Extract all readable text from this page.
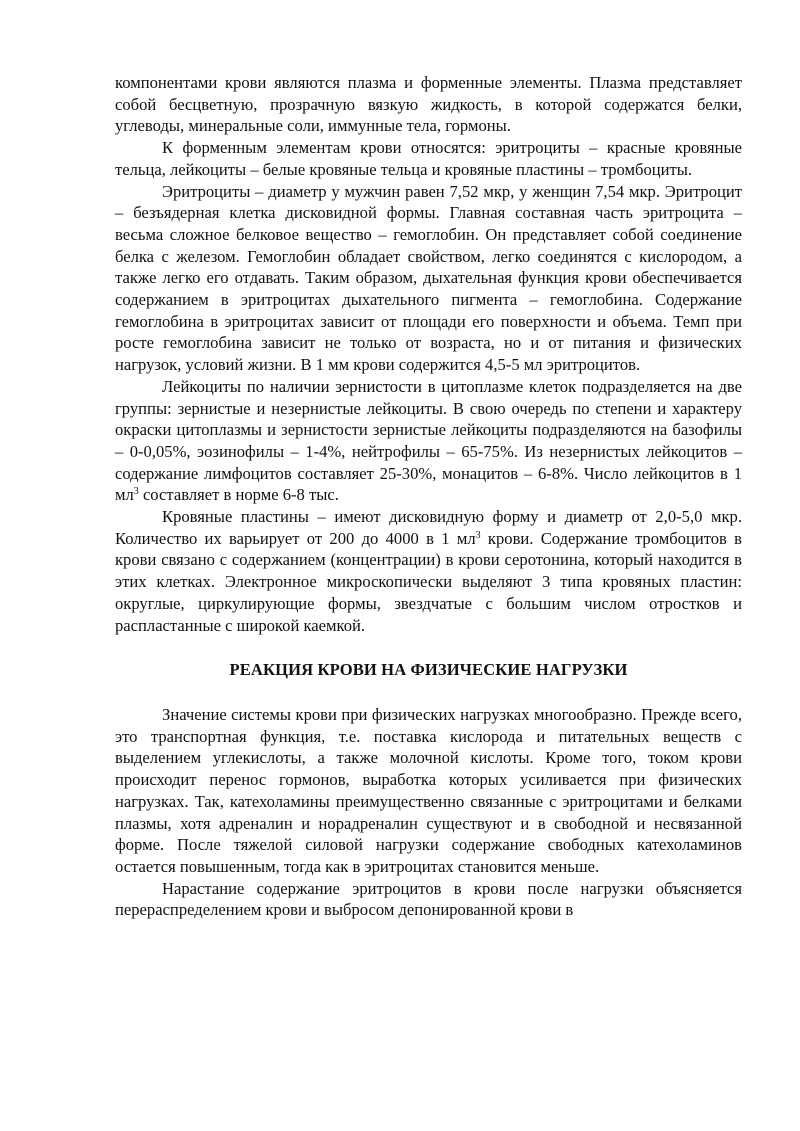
компонентами крови являются плазма и форменные элементы. Плазма представляет собой бесцветную, прозрачную вязкую жидкость, в которой содержатся белки, углеводы, минеральные соли, иммунные тела, гормоны.

К форменным элементам крови относятся: эритроциты – красные кровяные тельца, лейкоциты – белые кровяные тельца и кровяные пластины – тромбоциты.

Эритроциты – диаметр у мужчин равен 7,52 мкр, у женщин 7,54 мкр. Эритроцит – безъядерная клетка дисковидной формы. Главная составная часть эритроцита – весьма сложное белковое вещество – гемоглобин. Он представляет собой соединение белка с железом. Гемоглобин обладает свойством, легко соединятся с кислородом, а также легко его отдавать. Таким образом, дыхательная функция крови обеспечивается содержанием в эритроцитах дыхательного пигмента – гемоглобина. Содержание гемоглобина в эритроцитах зависит от площади его поверхности и объема. Темп при росте гемоглобина зависит не только от возраста, но и от питания и физических нагрузок, условий жизни. В 1 мм крови содержится 4,5-5 мл эритроцитов.

Лейкоциты по наличии зернистости в цитоплазме клеток подразделяется на две группы: зернистые и незернистые лейкоциты. В свою очередь по степени и характеру окраски цитоплазмы и зернистости зернистые лейкоциты подразделяются на базофилы – 0-0,05%, эозинофилы – 1-4%, нейтрофилы – 65-75%. Из незернистых лейкоцитов – содержание лимфоцитов составляет 25-30%, монацитов – 6-8%. Число лейкоцитов в 1 $мл^3$ составляет в норме 6-8 тыс.

Кровяные пластины – имеют дисковидную форму и диаметр от 2,0-5,0 мкр. Количество их варьирует от 200 до 4000 в 1 $мл^3$ крови. Содержание тромбоцитов в крови связано с содержанием (концентрации) в крови серотонина, который находится в этих клетках. Электронное микроскопически выделяют 3 типа кровяных пластин: округлые, циркулирующие формы, звездчатые с большим числом отростков и распластанные с широкой каемкой.

РЕАКЦИЯ КРОВИ НА ФИЗИЧЕСКИЕ НАГРУЗКИ

Значение системы крови при физических нагрузках многообразно. Прежде всего, это транспортная функция, т.е. поставка кислорода и питательных веществ с выделением углекислоты, а также молочной кислоты. Кроме того, током крови происходит перенос гормонов, выработка которых усиливается при физических нагрузках. Так, катехоламины преимущественно связанные с эритроцитами и белками плазмы, хотя адреналин и норадреналин существуют и в свободной и несвязанной форме. После тяжелой силовой нагрузки содержание свободных катехоламинов остается повышенным, тогда как в эритроцитах становится меньше.

Нарастание содержание эритроцитов в крови после нагрузки объясняется перераспределением крови и выбросом депонированной крови в
